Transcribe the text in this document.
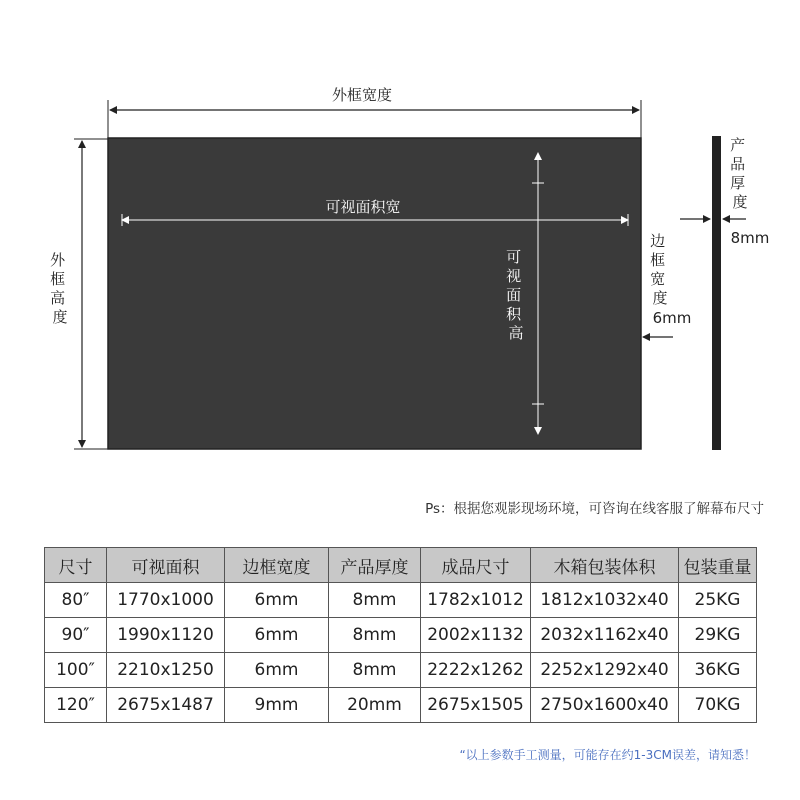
外框宽度
外 框 高 度
可视面积宽
可 视 面 积 高
边 框 宽 度
6mm
产 品 厚 度
8mm
Ps：根据您观影现场环境，可咨询在线客服了解幕布尺寸
尺寸	可视面积	边框宽度	产品厚度	成品尺寸	木箱包装体积	包装重量
80″	1770x1000	6mm	8mm	1782x1012	1812x1032x40	25KG
90″	1990x1120	6mm	8mm	2002x1132	2032x1162x40	29KG
100″	2210x1250	6mm	8mm	2222x1262	2252x1292x40	36KG
120″	2675x1487	9mm	20mm	2675x1505	2750x1600x40	70KG
“以上参数手工测量，可能存在约1-3CM误差，请知悉！
